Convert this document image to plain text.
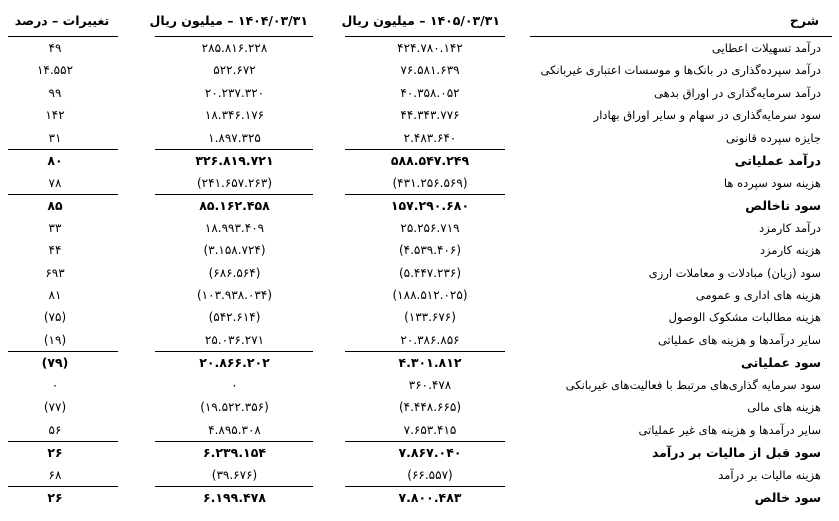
شرح
۱۴۰۵/۰۳/۳۱ – میلیون ریال
۱۴۰۴/۰۳/۳۱ – میلیون ریال
تغییرات – درصد
درآمد تسهیلات اعطایی
۴۲۴.۷۸۰.۱۴۲
۲۸۵.۸۱۶.۲۲۸
۴۹
درآمد سپرده‌گذاری در بانک‌ها و موسسات اعتباری غیربانکی
۷۶.۵۸۱.۶۳۹
۵۲۲.۶۷۲
۱۴.۵۵۲
درآمد سرمایه‌گذاری در اوراق بدهی
۴۰.۳۵۸.۰۵۲
۲۰.۲۳۷.۳۲۰
۹۹
سود سرمایه‌گذاری در سهام و سایر اوراق بهادار
۴۴.۳۴۳.۷۷۶
۱۸.۳۴۶.۱۷۶
۱۴۲
جایزه سپرده قانونی
۲.۴۸۳.۶۴۰
۱.۸۹۷.۳۲۵
۳۱
درآمد عملیاتی
۵۸۸.۵۴۷.۲۴۹
۳۲۶.۸۱۹.۷۲۱
۸۰
هزینه سود سپرده ها
(۴۳۱.۲۵۶.۵۶۹)
(۲۴۱.۶۵۷.۲۶۳)
۷۸
سود ناخالص
۱۵۷.۲۹۰.۶۸۰
۸۵.۱۶۲.۴۵۸
۸۵
درآمد کارمزد
۲۵.۲۵۶.۷۱۹
۱۸.۹۹۳.۴۰۹
۳۳
هزینه کارمزد
(۴.۵۳۹.۴۰۶)
(۳.۱۵۸.۷۲۴)
۴۴
سود (زیان) مبادلات و معاملات ارزی
(۵.۴۴۷.۲۳۶)
(۶۸۶.۵۶۴)
۶۹۳
هزینه های اداری و عمومی
(۱۸۸.۵۱۲.۰۲۵)
(۱۰۳.۹۳۸.۰۳۴)
۸۱
هزینه مطالبات مشکوک الوصول
(۱۳۳.۶۷۶)
(۵۴۲.۶۱۴)
(۷۵)
سایر درآمدها و هزینه های عملیاتی
۲۰.۳۸۶.۸۵۶
۲۵.۰۳۶.۲۷۱
(۱۹)
سود عملیاتی
۴.۳۰۱.۸۱۲
۲۰.۸۶۶.۲۰۲
(۷۹)
سود سرمایه گذاری‌های مرتبط با فعالیت‌های غیربانکی
۳۶۰.۴۷۸
۰
۰
هزینه های مالی
(۴.۴۴۸.۶۶۵)
(۱۹.۵۲۲.۳۵۶)
(۷۷)
سایر درآمدها و هزینه های غیر عملیاتی
۷.۶۵۳.۴۱۵
۴.۸۹۵.۳۰۸
۵۶
سود قبل از مالیات بر درآمد
۷.۸۶۷.۰۴۰
۶.۲۳۹.۱۵۴
۲۶
هزینه مالیات بر درآمد
(۶۶.۵۵۷)
(۳۹.۶۷۶)
۶۸
سود خالص
۷.۸۰۰.۴۸۳
۶.۱۹۹.۴۷۸
۲۶
